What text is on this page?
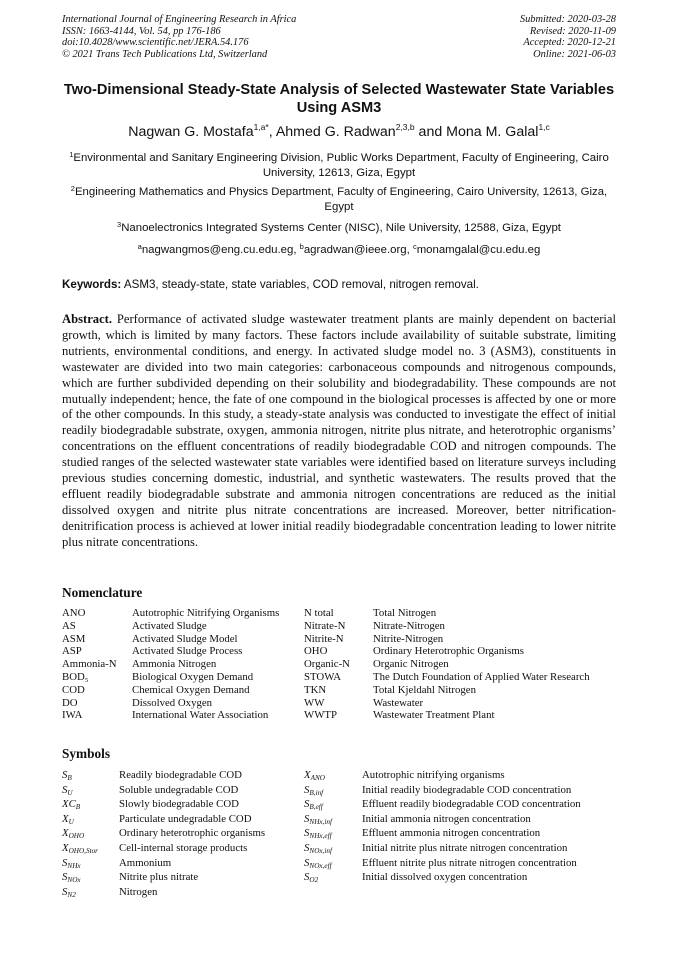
International Journal of Engineering Research in Africa
ISSN: 1663-4144, Vol. 54, pp 176-186
doi:10.4028/www.scientific.net/JERA.54.176
© 2021 Trans Tech Publications Ltd, Switzerland
Submitted: 2020-03-28
Revised: 2020-11-09
Accepted: 2020-12-21
Online: 2021-06-03
Two-Dimensional Steady-State Analysis of Selected Wastewater State Variables Using ASM3
Nagwan G. Mostafa$^{1,a*}$, Ahmed G. Radwan$^{2,3,b}$ and Mona M. Galal$^{1,c}$
$^1$Environmental and Sanitary Engineering Division, Public Works Department, Faculty of Engineering, Cairo University, 12613, Giza, Egypt
$^2$Engineering Mathematics and Physics Department, Faculty of Engineering, Cairo University, 12613, Giza, Egypt
$^3$Nanoelectronics Integrated Systems Center (NISC), Nile University, 12588, Giza, Egypt
$^a$nagwangmos@eng.cu.edu.eg, $^b$agradwan@ieee.org, $^c$monamgalal@cu.edu.eg
Keywords: ASM3, steady-state, state variables, COD removal, nitrogen removal.
Abstract. Performance of activated sludge wastewater treatment plants are mainly dependent on bacterial growth, which is limited by many factors. These factors include availability of suitable substrate, limiting nutrients, environmental conditions, and energy. In activated sludge model no. 3 (ASM3), constituents in wastewater are divided into two main categories: carbonaceous compounds and nitrogenous compounds, which are further subdivided depending on their solubility and biodegradability. These compounds are not mutually independent; hence, the fate of one compound in the biological processes is affected by one or more of the other compounds. In this study, a steady-state analysis was conducted to investigate the effect of initial readily biodegradable substrate, oxygen, ammonia nitrogen, nitrite plus nitrate, and heterotrophic organisms’ concentrations on the effluent concentrations of readily biodegradable COD and nitrogen compounds. The studied ranges of the selected wastewater state variables were identified based on literature surveys including previous studies concerning domestic, industrial, and synthetic wastewaters. The results proved that the effluent readily biodegradable substrate and ammonia nitrogen concentrations are reduced as the initial dissolved oxygen and nitrite plus nitrate concentrations are increased. Moreover, better nitrification-denitrification process is achieved at lower initial readily biodegradable concentration leading to lower nitrite plus nitrate concentrations.
Nomenclature
ANO	Autotrophic Nitrifying Organisms	N total	Total Nitrogen
AS	Activated Sludge	Nitrate-N	Nitrate-Nitrogen
ASM	Activated Sludge Model	Nitrite-N	Nitrite-Nitrogen
ASP	Activated Sludge Process	OHO	Ordinary Heterotrophic Organisms
Ammonia-N	Ammonia Nitrogen	Organic-N	Organic Nitrogen
BOD₅	Biological Oxygen Demand	STOWA	The Dutch Foundation of Applied Water Research
COD	Chemical Oxygen Demand	TKN	Total Kjeldahl Nitrogen
DO	Dissolved Oxygen	WW	Wastewater
IWA	International Water Association	WWTP	Wastewater Treatment Plant
Symbols
$S_B$	Readily biodegradable COD	$X_{ANO}$	Autotrophic nitrifying organisms
$S_U$	Soluble undegradable COD	$S_{B,inf}$	Initial readily biodegradable COD concentration
$XC_B$	Slowly biodegradable COD	$S_{B,eff}$	Effluent readily biodegradable COD concentration
$X_U$	Particulate undegradable COD	$S_{NHx,inf}$	Initial ammonia nitrogen concentration
$X_{OHO}$	Ordinary heterotrophic organisms	$S_{NHx,eff}$	Effluent ammonia nitrogen concentration
$X_{OHO,Stor}$	Cell-internal storage products	$S_{NOx,inf}$	Initial nitrite plus nitrate nitrogen concentration
$S_{NHx}$	Ammonium	$S_{NOx,eff}$	Effluent nitrite plus nitrate nitrogen concentration
$S_{NOx}$	Nitrite plus nitrate	$S_{O2}$	Initial dissolved oxygen concentration
$S_{N2}$	Nitrogen
